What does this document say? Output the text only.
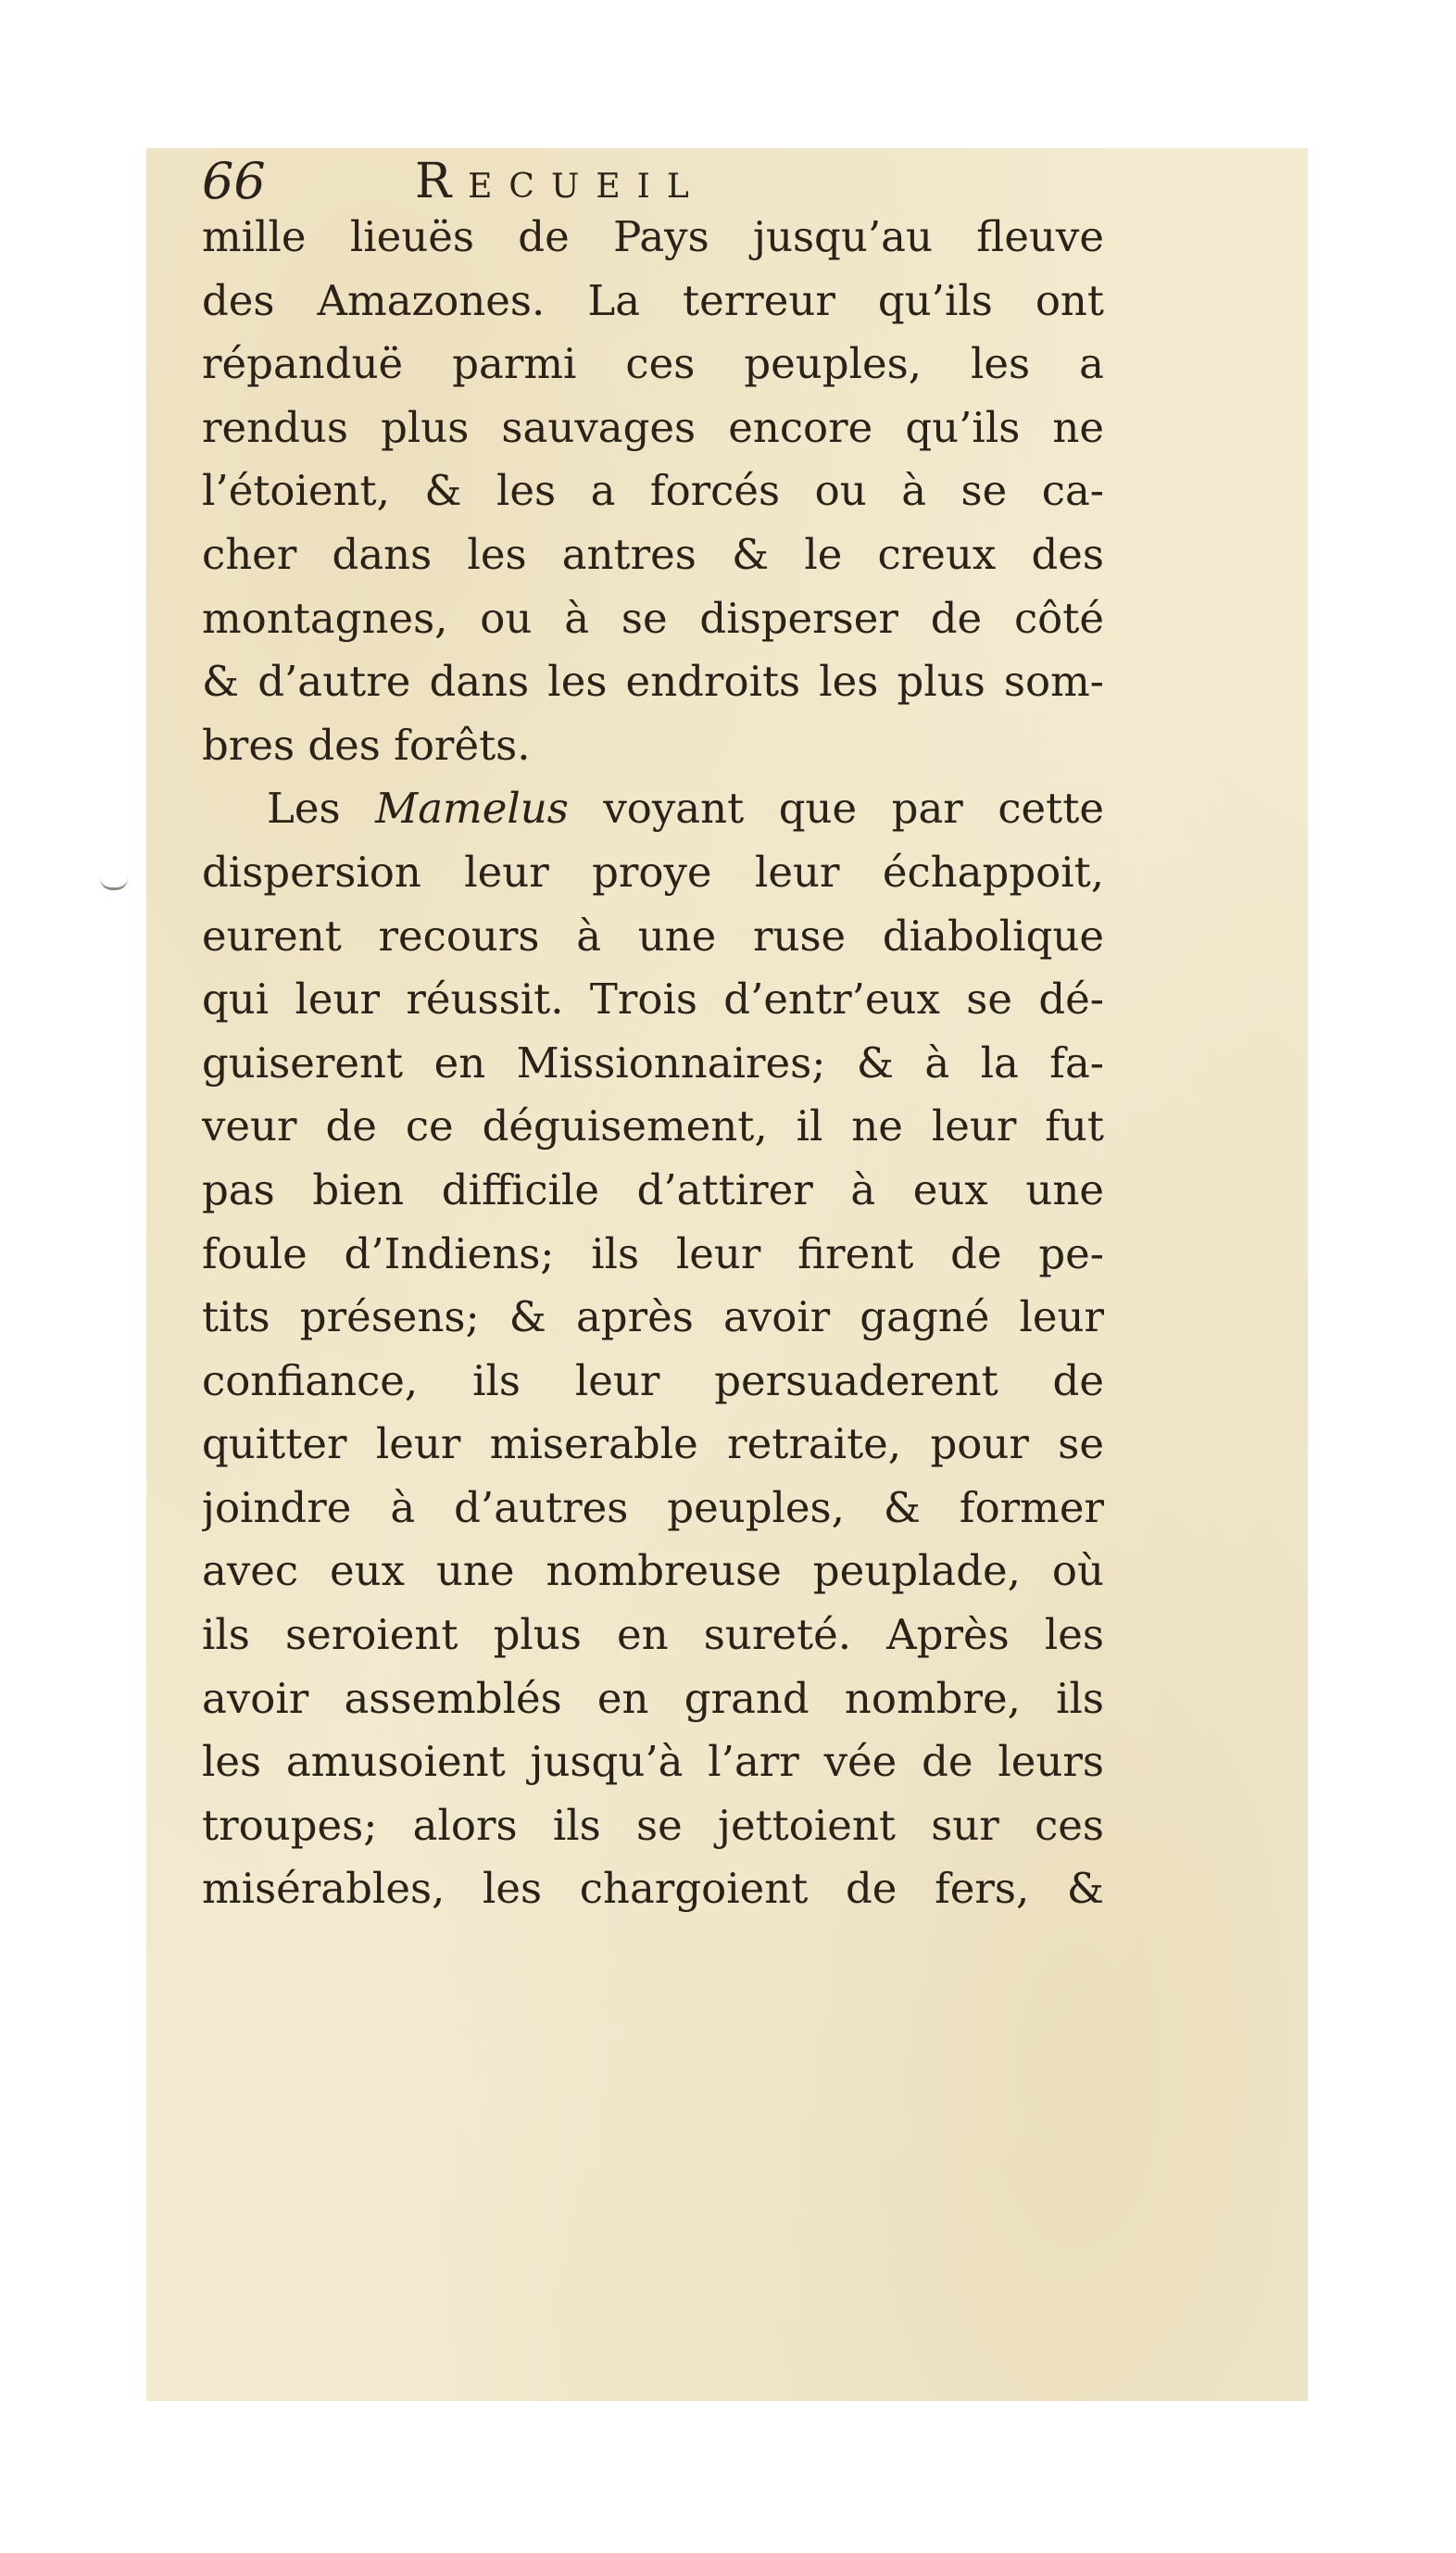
66	Recueil
mille lieuës de Pays jusqu’au fleuve
des Amazones. La terreur qu’ils ont
répanduë parmi ces peuples, les a
rendus plus sauvages encore qu’ils ne
l’étoient, & les a forcés ou à se ca-
cher dans les antres & le creux des
montagnes, ou à se disperser de côté
& d’autre dans les endroits les plus som-
bres des forêts.
Les Mamelus voyant que par cette
dispersion leur proye leur échappoit,
eurent recours à une ruse diabolique
qui leur réussit. Trois d’entr’eux se dé-
guiserent en Missionnaires; & à la fa-
veur de ce déguisement, il ne leur fut
pas bien difficile d’attirer à eux une
foule d’Indiens; ils leur firent de pe-
tits présens; & après avoir gagné leur
confiance, ils leur persuaderent de
quitter leur miserable retraite, pour se
joindre à d’autres peuples, & former
avec eux une nombreuse peuplade, où
ils seroient plus en sureté. Après les
avoir assemblés en grand nombre, ils
les amusoient jusqu’à l’arr vée de leurs
troupes; alors ils se jettoient sur ces
misérables, les chargoient de fers, &
